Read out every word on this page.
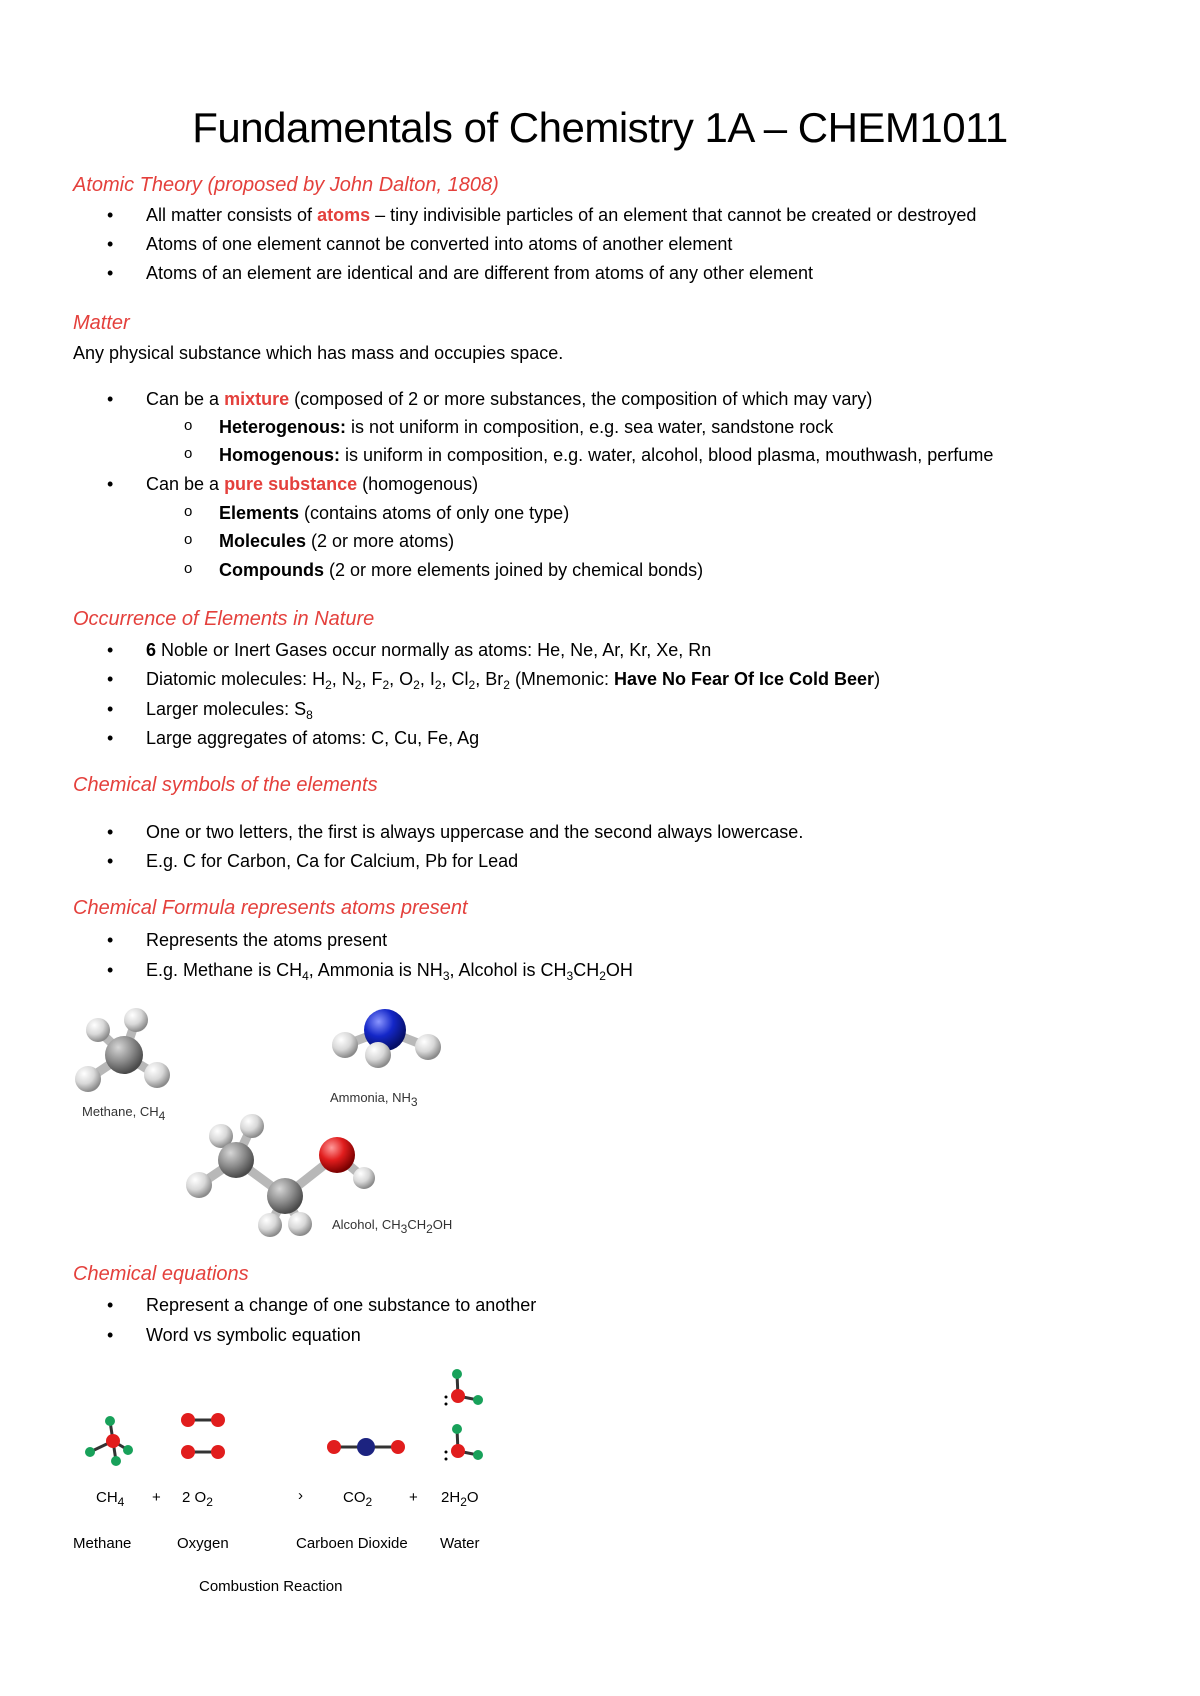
Fundamentals of Chemistry 1A – CHEM1011
Atomic Theory (proposed by John Dalton, 1808)
• All matter consists of atoms – tiny indivisible particles of an element that cannot be created or destroyed
• Atoms of one element cannot be converted into atoms of another element
• Atoms of an element are identical and are different from atoms of any other element
Matter
Any physical substance which has mass and occupies space.
• Can be a mixture (composed of 2 or more substances, the composition of which may vary)
o Heterogenous: is not uniform in composition, e.g. sea water, sandstone rock
o Homogenous: is uniform in composition, e.g. water, alcohol, blood plasma, mouthwash, perfume
• Can be a pure substance (homogenous)
o Elements (contains atoms of only one type)
o Molecules (2 or more atoms)
o Compounds (2 or more elements joined by chemical bonds)
Occurrence of Elements in Nature
• 6 Noble or Inert Gases occur normally as atoms: He, Ne, Ar, Kr, Xe, Rn
• Diatomic molecules: $H_2$, $N_2$, $F_2$, $O_2$, $I_2$, $Cl_2$, $Br_2$ (Mnemonic: Have No Fear Of Ice Cold Beer)
• Larger molecules: $S_8$
• Large aggregates of atoms: C, Cu, Fe, Ag
Chemical symbols of the elements
• One or two letters, the first is always uppercase and the second always lowercase.
• E.g. C for Carbon, Ca for Calcium, Pb for Lead
Chemical Formula represents atoms present
• Represents the atoms present
• E.g. Methane is $CH_4$, Ammonia is $NH_3$, Alcohol is $CH_3CH_2OH$
Methane, $CH_4$
Ammonia, $NH_3$
Alcohol, $CH_3CH_2OH$
Chemical equations
• Represent a change of one substance to another
• Word vs symbolic equation
$CH_4 + 2$ $O_2$	›	$CO_2 + 2H_2O$
Methane	Oxygen	Carboen Dioxide Water
Combustion Reaction
